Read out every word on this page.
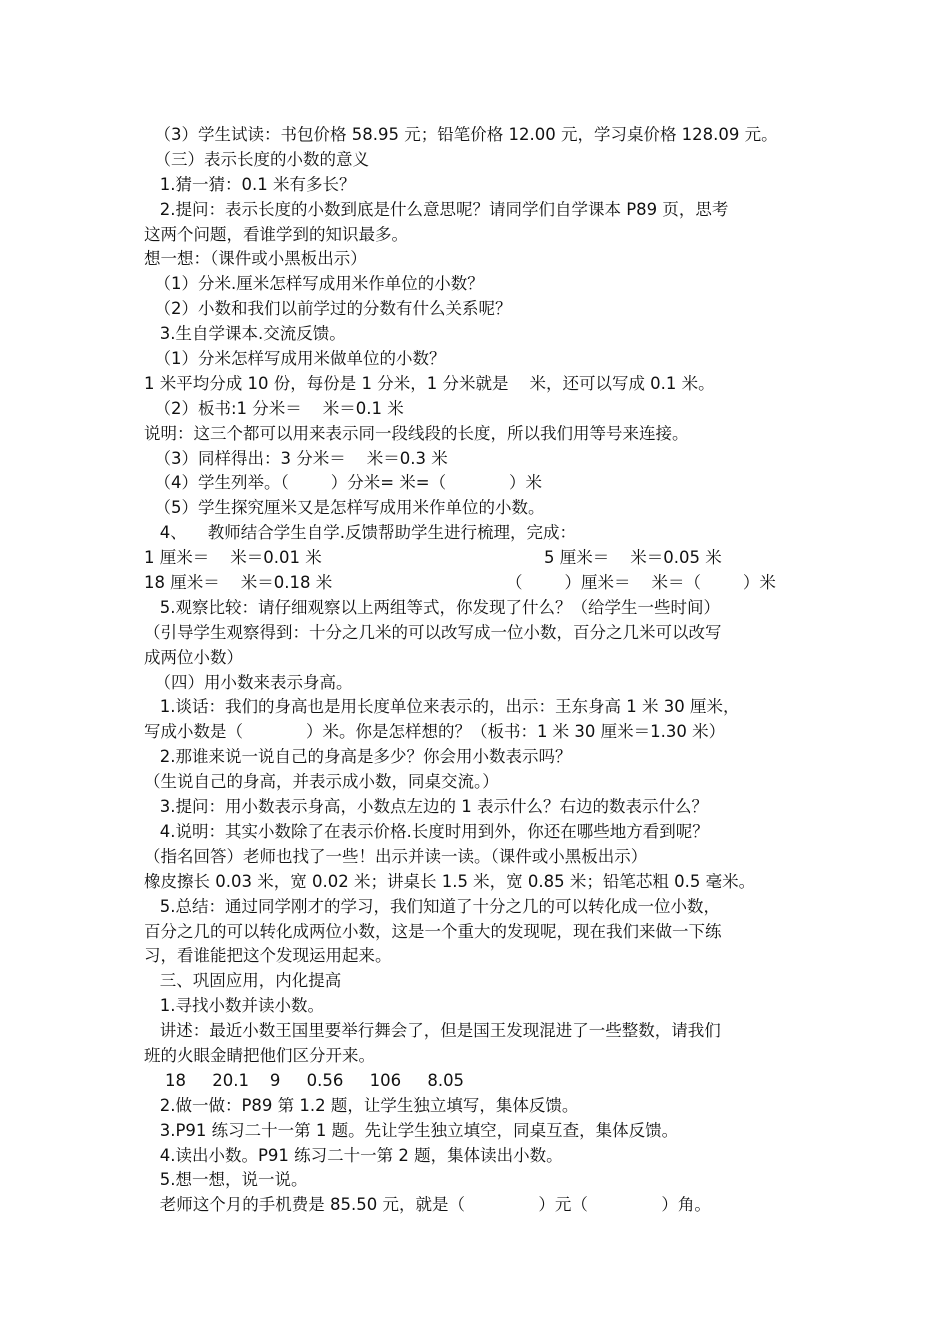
（3）学生试读：书包价格 58.95 元；铅笔价格 12.00 元，学习桌价格 128.09 元。
（三）表示长度的小数的意义
1.猜一猜：0.1 米有多长？
2.提问：表示长度的小数到底是什么意思呢？请同学们自学课本 P89 页，思考
这两个问题，看谁学到的知识最多。
想一想：（课件或小黑板出示）
（1）分米.厘米怎样写成用米作单位的小数？
（2）小数和我们以前学过的分数有什么关系呢？
3.生自学课本.交流反馈。
（1）分米怎样写成用米做单位的小数？
1 米平均分成 10 份，每份是 1 分米，1 分米就是    米，还可以写成 0.1 米。
（2）板书:1 分米＝    米＝0.1 米
说明：这三个都可以用来表示同一段线段的长度，所以我们用等号来连接。
（3）同样得出：3 分米＝    米＝0.3 米
（4）学生列举。（        ）分米= 米=（            ）米
（5）学生探究厘米又是怎样写成用米作单位的小数。
4、    教师结合学生自学.反馈帮助学生进行梳理，完成：
1 厘米＝    米＝0.01 米	5 厘米＝    米＝0.05 米
18 厘米＝    米＝0.18 米	（        ）厘米＝    米＝（        ）米
5.观察比较：请仔细观察以上两组等式，你发现了什么？（给学生一些时间）
（引导学生观察得到：十分之几米的可以改写成一位小数，百分之几米可以改写
成两位小数）
（四）用小数来表示身高。
1.谈话：我们的身高也是用长度单位来表示的，出示：王东身高 1 米 30 厘米，
写成小数是（            ）米。你是怎样想的？（板书：1 米 30 厘米＝1.30 米）
2.那谁来说一说自己的身高是多少？你会用小数表示吗？
（生说自己的身高，并表示成小数，同桌交流。）
3.提问：用小数表示身高，小数点左边的 1 表示什么？右边的数表示什么？
4.说明：其实小数除了在表示价格.长度时用到外，你还在哪些地方看到呢？
（指名回答）老师也找了一些！出示并读一读。（课件或小黑板出示）
橡皮擦长 0.03 米，宽 0.02 米；讲桌长 1.5 米，宽 0.85 米；铅笔芯粗 0.5 毫米。
5.总结：通过同学刚才的学习，我们知道了十分之几的可以转化成一位小数，
百分之几的可以转化成两位小数，这是一个重大的发现呢，现在我们来做一下练
习，看谁能把这个发现运用起来。
三、巩固应用，内化提高
1.寻找小数并读小数。
讲述：最近小数王国里要举行舞会了，但是国王发现混进了一些整数，请我们
班的火眼金睛把他们区分开来。
18     20.1    9     0.56     106     8.05
2.做一做：P89 第 1.2 题，让学生独立填写，集体反馈。
3.P91 练习二十一第 1 题。先让学生独立填空，同桌互查，集体反馈。
4.读出小数。P91 练习二十一第 2 题，集体读出小数。
5.想一想，说一说。
老师这个月的手机费是 85.50 元，就是（              ）元（              ）角。
